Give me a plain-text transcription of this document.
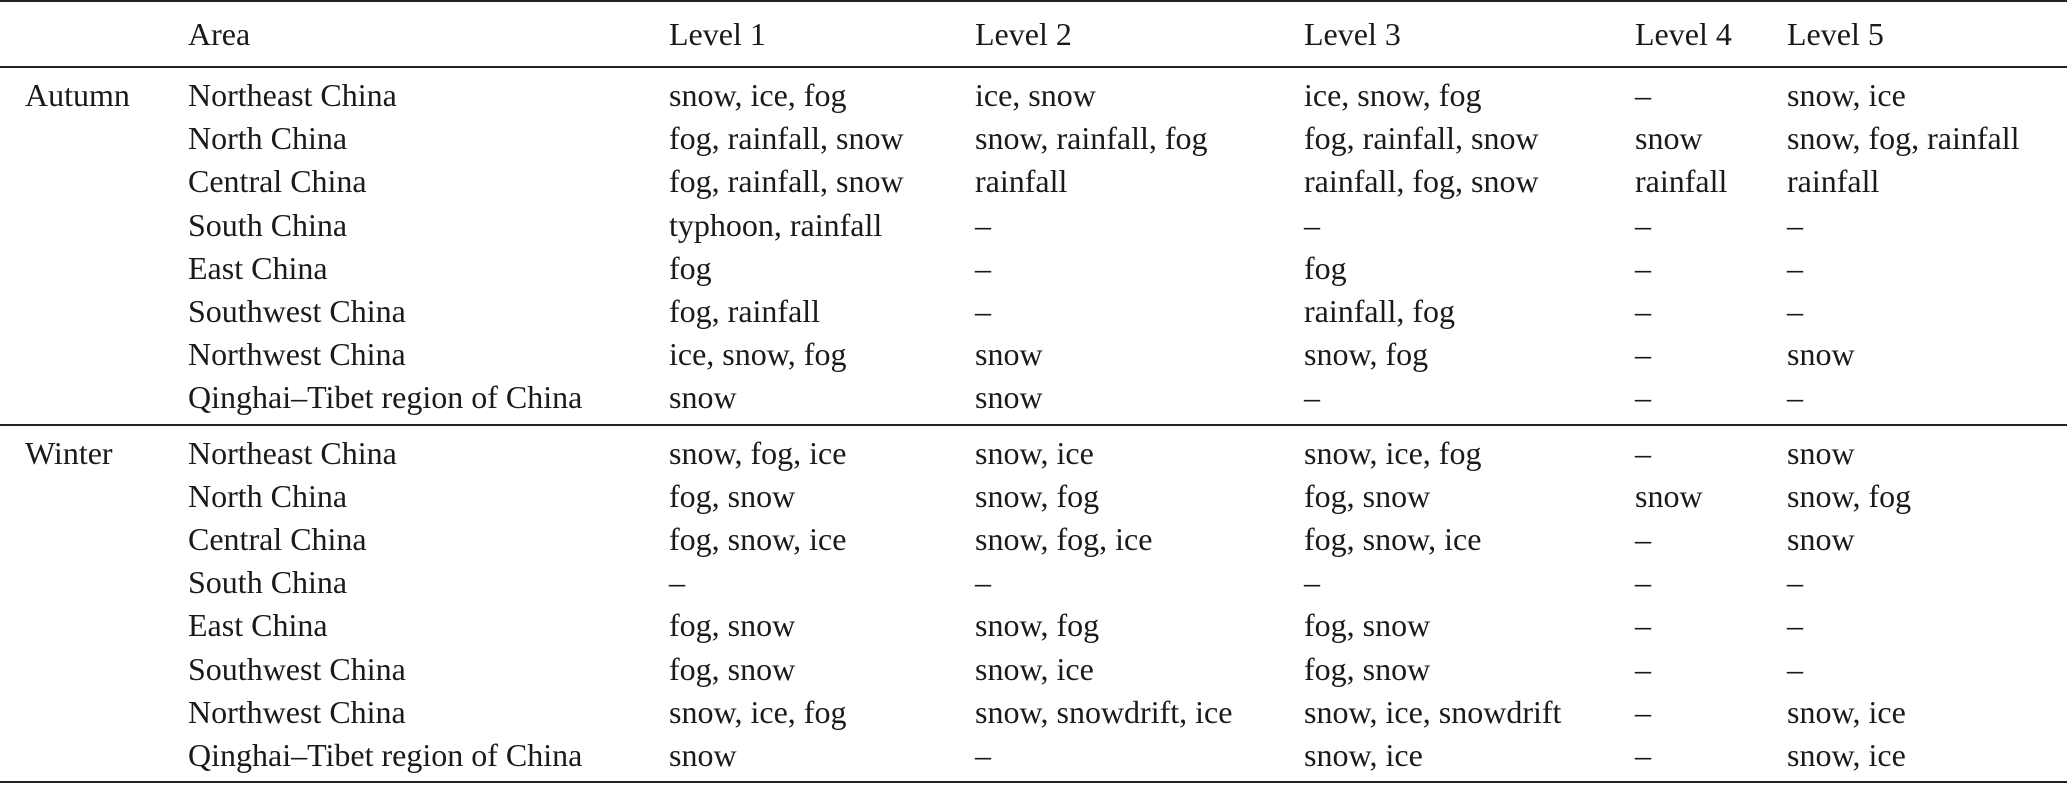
	Area	Level 1	Level 2	Level 3	Level 4	Level 5
Autumn	Northeast China	snow, ice, fog	ice, snow	ice, snow, fog	–	snow, ice
	North China	fog, rainfall, snow	snow, rainfall, fog	fog, rainfall, snow	snow	snow, fog, rainfall
	Central China	fog, rainfall, snow	rainfall	rainfall, fog, snow	rainfall	rainfall
	South China	typhoon, rainfall	–	–	–	–
	East China	fog	–	fog	–	–
	Southwest China	fog, rainfall	–	rainfall, fog	–	–
	Northwest China	ice, snow, fog	snow	snow, fog	–	snow
	Qinghai–Tibet region of China	snow	snow	–	–	–
Winter	Northeast China	snow, fog, ice	snow, ice	snow, ice, fog	–	snow
	North China	fog, snow	snow, fog	fog, snow	snow	snow, fog
	Central China	fog, snow, ice	snow, fog, ice	fog, snow, ice	–	snow
	South China	–	–	–	–	–
	East China	fog, snow	snow, fog	fog, snow	–	–
	Southwest China	fog, snow	snow, ice	fog, snow	–	–
	Northwest China	snow, ice, fog	snow, snowdrift, ice	snow, ice, snowdrift	–	snow, ice
	Qinghai–Tibet region of China	snow	–	snow, ice	–	snow, ice
